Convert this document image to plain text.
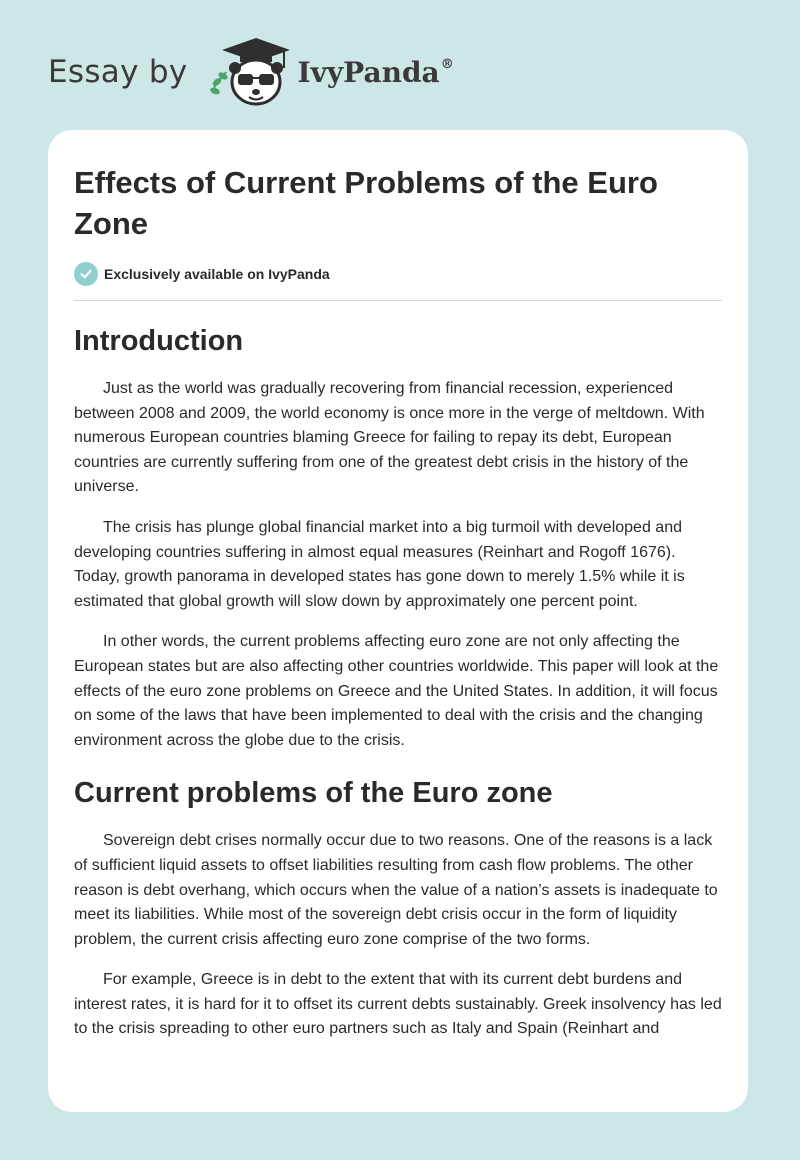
Essay by	IvyPanda®
Effects of Current Problems of the Euro Zone
Exclusively available on IvyPanda
Introduction

Just as the world was gradually recovering from financial recession, experienced between 2008 and 2009, the world economy is once more in the verge of meltdown. With numerous European countries blaming Greece for failing to repay its debt, European countries are currently suffering from one of the greatest debt crisis in the history of the universe.

The crisis has plunge global financial market into a big turmoil with developed and developing countries suffering in almost equal measures (Reinhart and Rogoff 1676). Today, growth panorama in developed states has gone down to merely 1.5% while it is estimated that global growth will slow down by approximately one percent point.

In other words, the current problems affecting euro zone are not only affecting the European states but are also affecting other countries worldwide. This paper will look at the effects of the euro zone problems on Greece and the United States. In addition, it will focus on some of the laws that have been implemented to deal with the crisis and the changing environment across the globe due to the crisis.

Current problems of the Euro zone

Sovereign debt crises normally occur due to two reasons. One of the reasons is a lack of sufficient liquid assets to offset liabilities resulting from cash flow problems. The other reason is debt overhang, which occurs when the value of a nation’s assets is inadequate to meet its liabilities. While most of the sovereign debt crisis occur in the form of liquidity problem, the current crisis affecting euro zone comprise of the two forms.

For example, Greece is in debt to the extent that with its current debt burdens and interest rates, it is hard for it to offset its current debts sustainably. Greek insolvency has led to the crisis spreading to other euro partners such as Italy and Spain (Reinhart and
